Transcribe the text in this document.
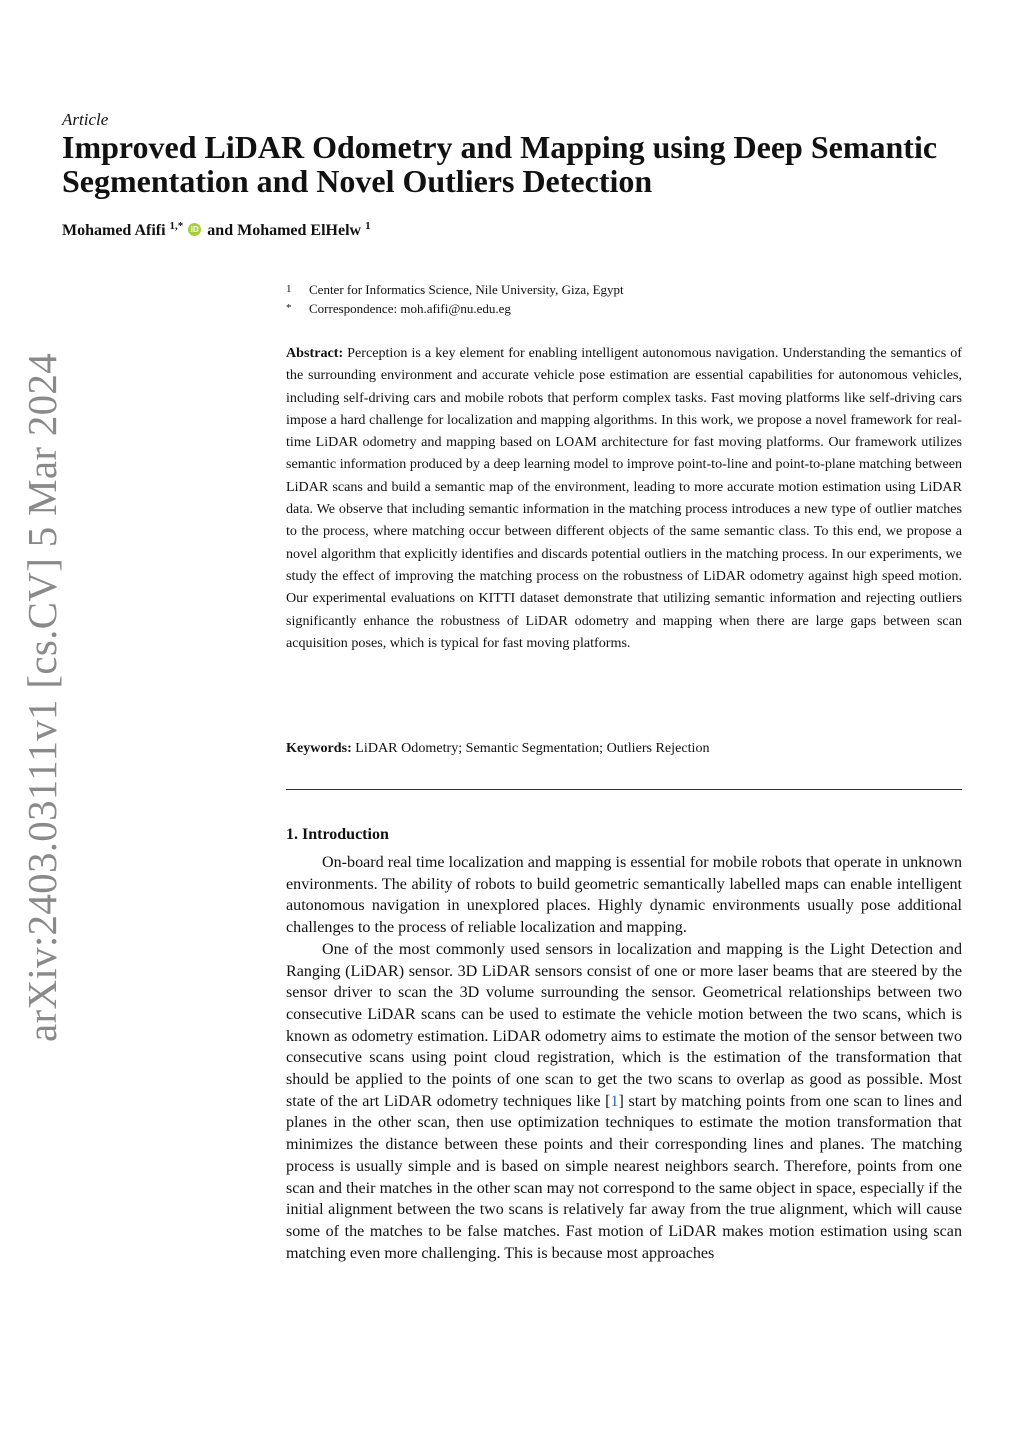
arXiv:2403.03111v1 [cs.CV] 5 Mar 2024
Article
Improved LiDAR Odometry and Mapping using Deep Semantic Segmentation and Novel Outliers Detection
Mohamed Afifi $^{1,*}$ iD and Mohamed ElHelw $^1$
1	Center for Informatics Science, Nile University, Giza, Egypt
*	Correspondence: moh.afifi@nu.edu.eg

Abstract: Perception is a key element for enabling intelligent autonomous navigation. Understanding the semantics of the surrounding environment and accurate vehicle pose estimation are essential capabilities for autonomous vehicles, including self-driving cars and mobile robots that perform complex tasks. Fast moving platforms like self-driving cars impose a hard challenge for localization and mapping algorithms. In this work, we propose a novel framework for real-time LiDAR odometry and mapping based on LOAM architecture for fast moving platforms. Our framework utilizes semantic information produced by a deep learning model to improve point-to-line and point-to-plane matching between LiDAR scans and build a semantic map of the environment, leading to more accurate motion estimation using LiDAR data. We observe that including semantic information in the matching process introduces a new type of outlier matches to the process, where matching occur between different objects of the same semantic class. To this end, we propose a novel algorithm that explicitly identifies and discards potential outliers in the matching process. In our experiments, we study the effect of improving the matching process on the robustness of LiDAR odometry against high speed motion. Our experimental evaluations on KITTI dataset demonstrate that utilizing semantic information and rejecting outliers significantly enhance the robustness of LiDAR odometry and mapping when there are large gaps between scan acquisition poses, which is typical for fast moving platforms.

Keywords: LiDAR Odometry; Semantic Segmentation; Outliers Rejection

1. Introduction

On-board real time localization and mapping is essential for mobile robots that operate in unknown environments. The ability of robots to build geometric semantically labelled maps can enable intelligent autonomous navigation in unexplored places. Highly dynamic environments usually pose additional challenges to the process of reliable localization and mapping.

One of the most commonly used sensors in localization and mapping is the Light Detection and Ranging (LiDAR) sensor. 3D LiDAR sensors consist of one or more laser beams that are steered by the sensor driver to scan the 3D volume surrounding the sensor. Geometrical relationships between two consecutive LiDAR scans can be used to estimate the vehicle motion between the two scans, which is known as odometry estimation. LiDAR odometry aims to estimate the motion of the sensor between two consecutive scans using point cloud registration, which is the estimation of the transformation that should be applied to the points of one scan to get the two scans to overlap as good as possible. Most state of the art LiDAR odometry techniques like [1] start by matching points from one scan to lines and planes in the other scan, then use optimization techniques to estimate the motion transformation that minimizes the distance between these points and their corresponding lines and planes. The matching process is usually simple and is based on simple nearest neighbors search. Therefore, points from one scan and their matches in the other scan may not correspond to the same object in space, especially if the initial alignment between the two scans is relatively far away from the true alignment, which will cause some of the matches to be false matches. Fast motion of LiDAR makes motion estimation using scan matching even more challenging. This is because most approaches
